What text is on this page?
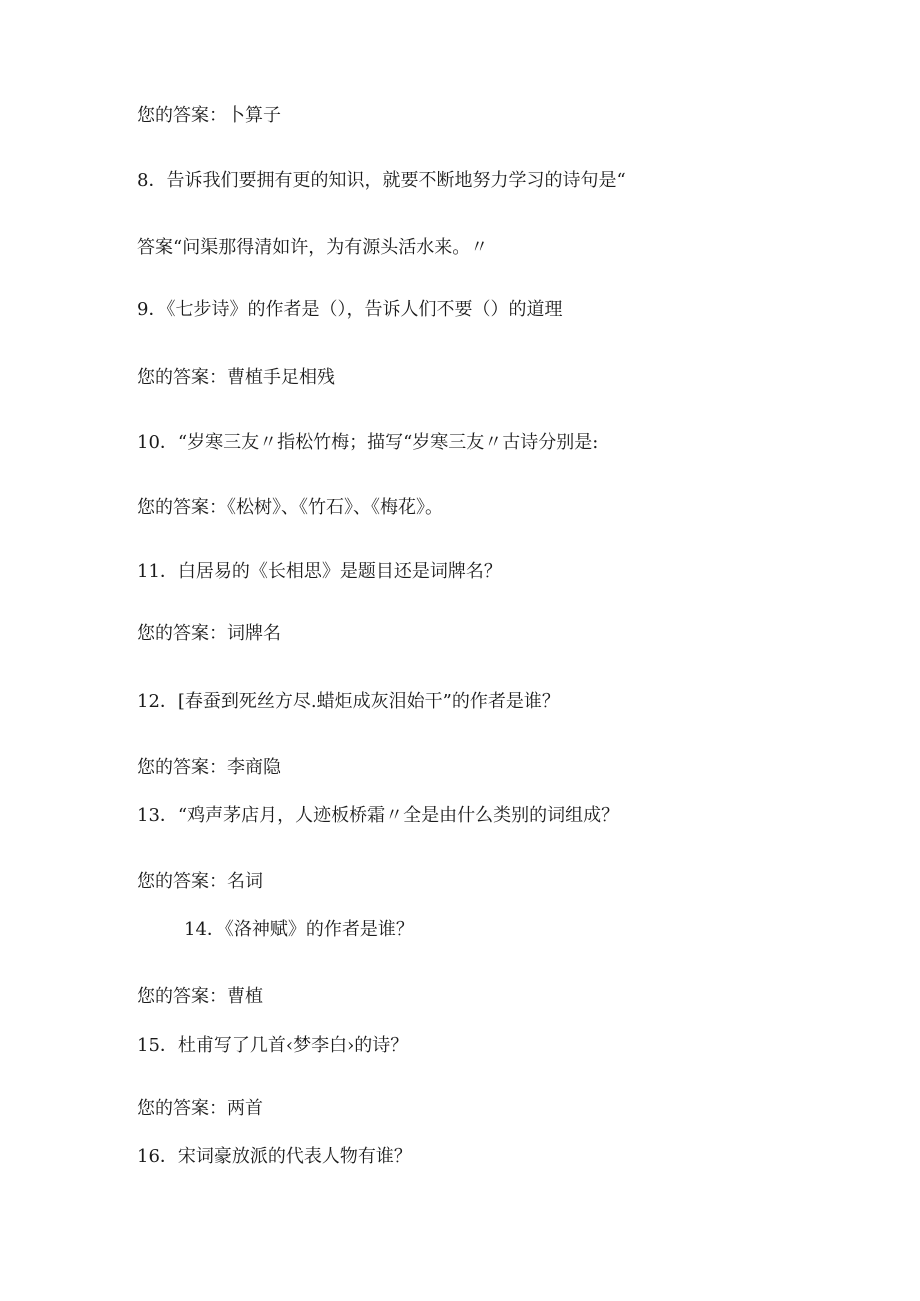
您的答案：卜算子
8．告诉我们要拥有更的知识，就要不断地努力学习的诗句是“
答案“问渠那得清如许，为有源头活水来。〃
9．《七步诗》的作者是（），告诉人们不要（）的道理
您的答案：曹植手足相残
10．“岁寒三友〃指松竹梅；描写“岁寒三友〃古诗分别是:
您的答案：《松树》、《竹石》、《梅花》。
11．白居易的《长相思》是题目还是词牌名？
您的答案：词牌名
12．[春蚕到死丝方尽.蜡炬成灰泪始干”的作者是谁？
您的答案：李商隐
13．“鸡声茅店月，人迹板桥霜〃全是由什么类别的词组成？
您的答案：名词
14．《洛神赋》的作者是谁？
您的答案：曹植
15．杜甫写了几首‹梦李白›的诗？
您的答案：两首
16．宋词豪放派的代表人物有谁？
